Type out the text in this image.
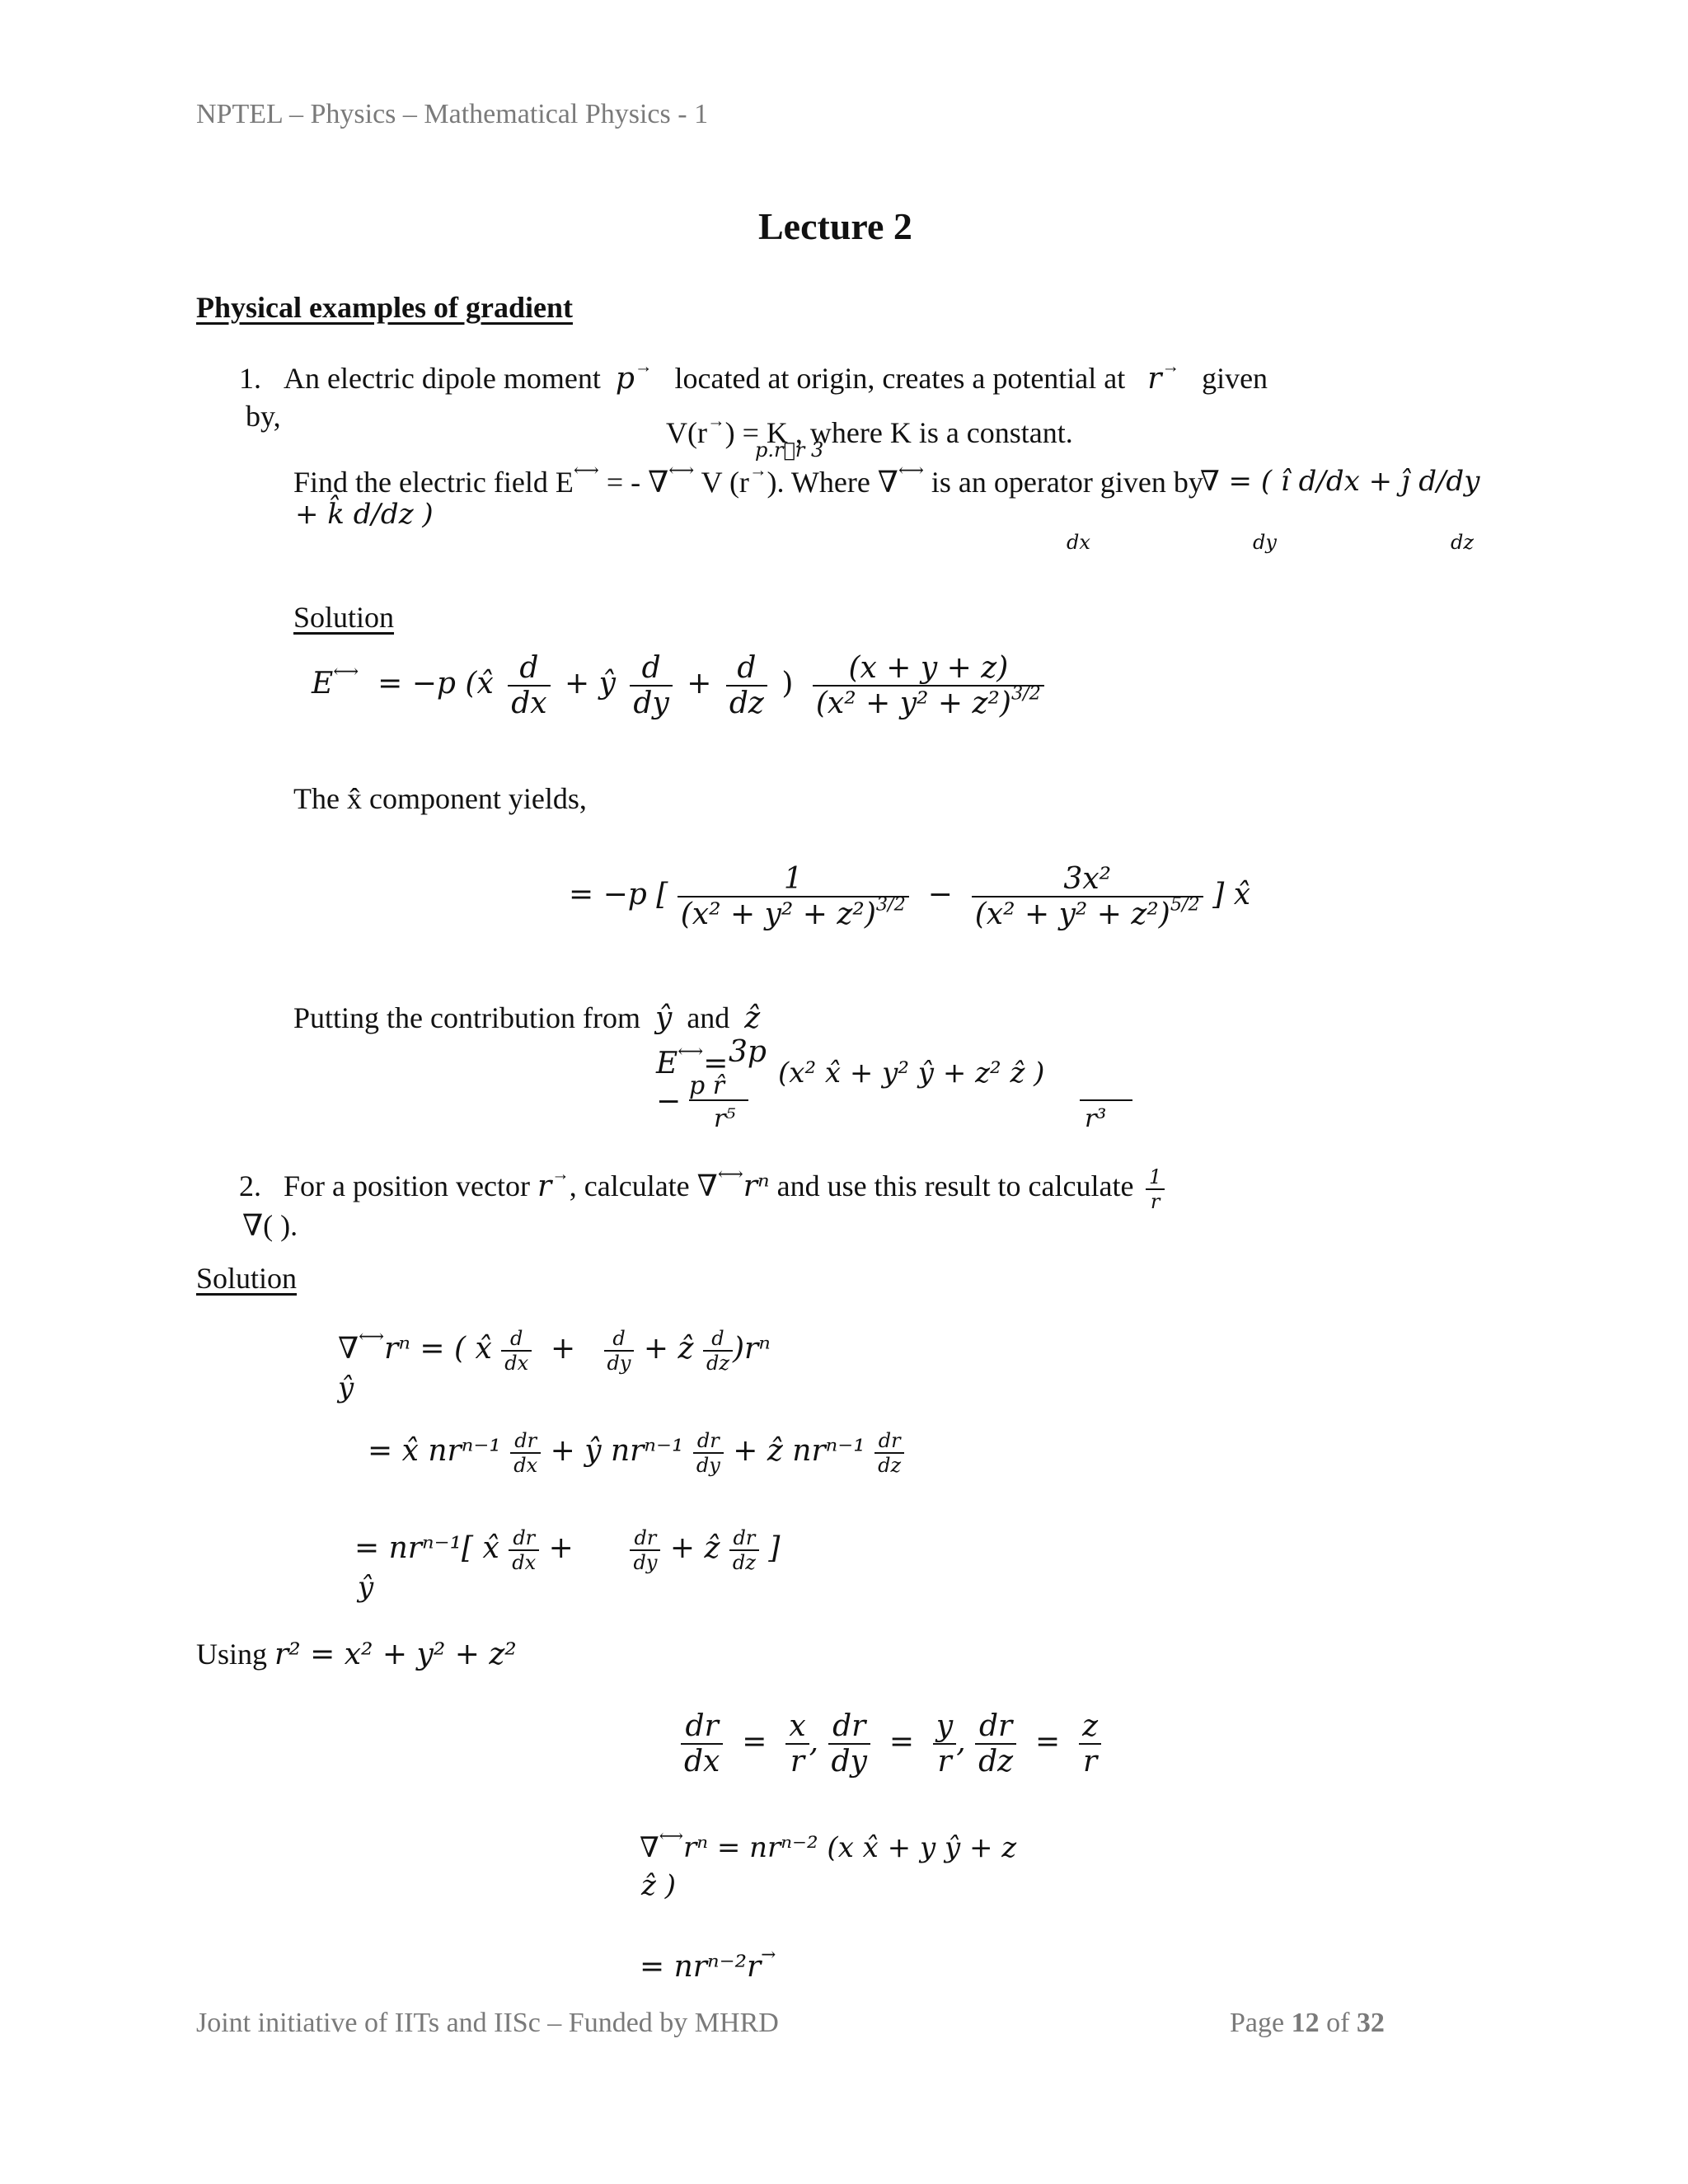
NPTEL – Physics – Mathematical Physics - 1
Lecture 2
Physical examples of gradient
1. An electric dipole moment p→ located at origin, creates a potential at r→ given
by,	V(r→) = K , where K is a constant.
p.r⃗r 3
Find the electric field E⟷ = - ∇⟷ V (r→). Where ∇⟷ is an operator given by
∇ = ( î d/dx + ĵ d/dy
+ k̂ d/dz )
dx	dy	dz
Solution
E⟷ = −p (x̂ $\frac{d}{dx}$ + ŷ $\frac{d}{dy} + \frac{d}{dz}$ ) $\frac{(x + y + z)}{(x^2 + y^2 + z^2)^{3/2}}$
The x̂ component yields,
= −p [ $\frac{1}{(x^2 + y^2 + z^2)^{3/2}} - \frac{\text{3x²}}{(x^2 + y^2 + z^2)^{5/2}}$ ] x̂
Putting the contribution from ŷ and ẑ
E⟷= 3p
p r̂
−
r⁵
(x² x̂ + y² ŷ + z² ẑ )
r³
2. For a position vector r→, calculate ∇⟷rⁿ and use this result to calculate $\frac{1}{r}$
∇( ).
Solution
∇⟷rⁿ = ( x̂ $\frac{d}{dx} + \frac{d}{dy}$ + ẑ $\frac{d}{dz} )r^n$
ŷ
= x̂ $nr^{n-1} \frac{dr}{dx}$ + ŷ $nr^{n-1} \frac{dr}{dy}$ + ẑ $nr^{n-1} \frac{dr}{dz}$
= nrⁿ⁻¹[ x̂ $\frac{dr}{dx}$ +	$\frac{dr}{dy}$ + ẑ $\frac{dr}{dz}$ ]
ŷ
Using r² = x² + y² + z²
$\frac{dr}{dx} = \frac{x}{r}$ , $\frac{dr}{dy} = \frac{y}{r}$ , $\frac{dr}{dz} = \frac{z}{r}$
∇⟷rⁿ = nrⁿ⁻² (x x̂ + y ŷ + z
ẑ )
= nrⁿ⁻²r→
Joint initiative of IITs and IISc – Funded by MHRD	Page 12 of 32
